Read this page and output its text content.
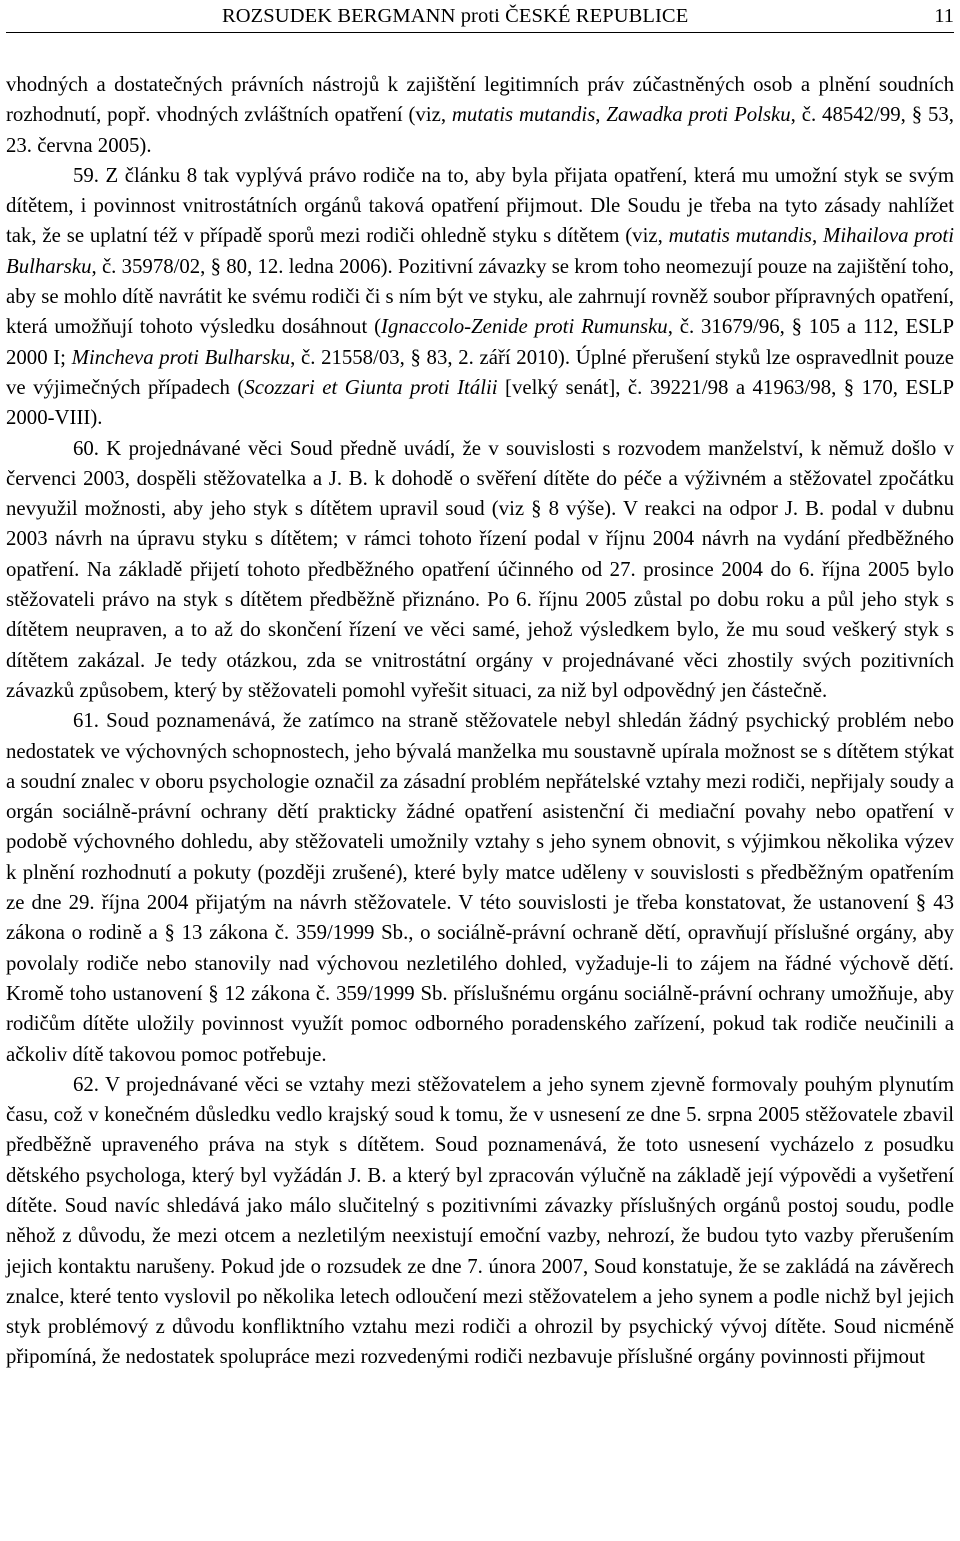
ROZSUDEK BERGMANN proti ČESKÉ REPUBLICE	11

vhodných a dostatečných právních nástrojů k zajištění legitimních práv zúčastněných osob a plnění soudních rozhodnutí, popř. vhodných zvláštních opatření (viz, mutatis mutandis, Zawadka proti Polsku, č. 48542/99, § 53, 23. června 2005).

59. Z článku 8 tak vyplývá právo rodiče na to, aby byla přijata opatření, která mu umožní styk se svým dítětem, i povinnost vnitrostátních orgánů taková opatření přijmout. Dle Soudu je třeba na tyto zásady nahlížet tak, že se uplatní též v případě sporů mezi rodiči ohledně styku s dítětem (viz, mutatis mutandis, Mihailova proti Bulharsku, č. 35978/02, § 80, 12. ledna 2006). Pozitivní závazky se krom toho neomezují pouze na zajištění toho, aby se mohlo dítě navrátit ke svému rodiči či s ním být ve styku, ale zahrnují rovněž soubor přípravných opatření, která umožňují tohoto výsledku dosáhnout (Ignaccolo-Zenide proti Rumunsku, č. 31679/96, § 105 a 112, ESLP 2000 I; Mincheva proti Bulharsku, č. 21558/03, § 83, 2. září 2010). Úplné přerušení styků lze ospravedlnit pouze ve výjimečných případech (Scozzari et Giunta proti Itálii [velký senát], č. 39221/98 a 41963/98, § 170, ESLP 2000-VIII).

60. K projednávané věci Soud předně uvádí, že v souvislosti s rozvodem manželství, k němuž došlo v červenci 2003, dospěli stěžovatelka a J. B. k dohodě o svěření dítěte do péče a výživném a stěžovatel zpočátku nevyužil možnosti, aby jeho styk s dítětem upravil soud (viz § 8 výše). V reakci na odpor J. B. podal v dubnu 2003 návrh na úpravu styku s dítětem; v rámci tohoto řízení podal v říjnu 2004 návrh na vydání předběžného opatření. Na základě přijetí tohoto předběžného opatření účinného od 27. prosince 2004 do 6. října 2005 bylo stěžovateli právo na styk s dítětem předběžně přiznáno. Po 6. říjnu 2005 zůstal po dobu roku a půl jeho styk s dítětem neupraven, a to až do skončení řízení ve věci samé, jehož výsledkem bylo, že mu soud veškerý styk s dítětem zakázal. Je tedy otázkou, zda se vnitrostátní orgány v projednávané věci zhostily svých pozitivních závazků způsobem, který by stěžovateli pomohl vyřešit situaci, za niž byl odpovědný jen částečně.

61. Soud poznamenává, že zatímco na straně stěžovatele nebyl shledán žádný psychický problém nebo nedostatek ve výchovných schopnostech, jeho bývalá manželka mu soustavně upírala možnost se s dítětem stýkat a soudní znalec v oboru psychologie označil za zásadní problém nepřátelské vztahy mezi rodiči, nepřijaly soudy a orgán sociálně-právní ochrany dětí prakticky žádné opatření asistenční či mediační povahy nebo opatření v podobě výchovného dohledu, aby stěžovateli umožnily vztahy s jeho synem obnovit, s výjimkou několika výzev k plnění rozhodnutí a pokuty (později zrušené), které byly matce uděleny v souvislosti s předběžným opatřením ze dne 29. října 2004 přijatým na návrh stěžovatele. V této souvislosti je třeba konstatovat, že ustanovení § 43 zákona o rodině a § 13 zákona č. 359/1999 Sb., o sociálně-právní ochraně dětí, opravňují příslušné orgány, aby povolaly rodiče nebo stanovily nad výchovou nezletilého dohled, vyžaduje-li to zájem na řádné výchově dětí. Kromě toho ustanovení § 12 zákona č. 359/1999 Sb. příslušnému orgánu sociálně-právní ochrany umožňuje, aby rodičům dítěte uložily povinnost využít pomoc odborného poradenského zařízení, pokud tak rodiče neučinili a ačkoliv dítě takovou pomoc potřebuje.

62. V projednávané věci se vztahy mezi stěžovatelem a jeho synem zjevně formovaly pouhým plynutím času, což v konečném důsledku vedlo krajský soud k tomu, že v usnesení ze dne 5. srpna 2005 stěžovatele zbavil předběžně upraveného práva na styk s dítětem. Soud poznamenává, že toto usnesení vycházelo z posudku dětského psychologa, který byl vyžádán J. B. a který byl zpracován výlučně na základě její výpovědi a vyšetření dítěte. Soud navíc shledává jako málo slučitelný s pozitivními závazky příslušných orgánů postoj soudu, podle něhož z důvodu, že mezi otcem a nezletilým neexistují emoční vazby, nehrozí, že budou tyto vazby přerušením jejich kontaktu narušeny. Pokud jde o rozsudek ze dne 7. února 2007, Soud konstatuje, že se zakládá na závěrech znalce, které tento vyslovil po několika letech odloučení mezi stěžovatelem a jeho synem a podle nichž byl jejich styk problémový z důvodu konfliktního vztahu mezi rodiči a ohrozil by psychický vývoj dítěte. Soud nicméně připomíná, že nedostatek spolupráce mezi rozvedenými rodiči nezbavuje příslušné orgány povinnosti přijmout
